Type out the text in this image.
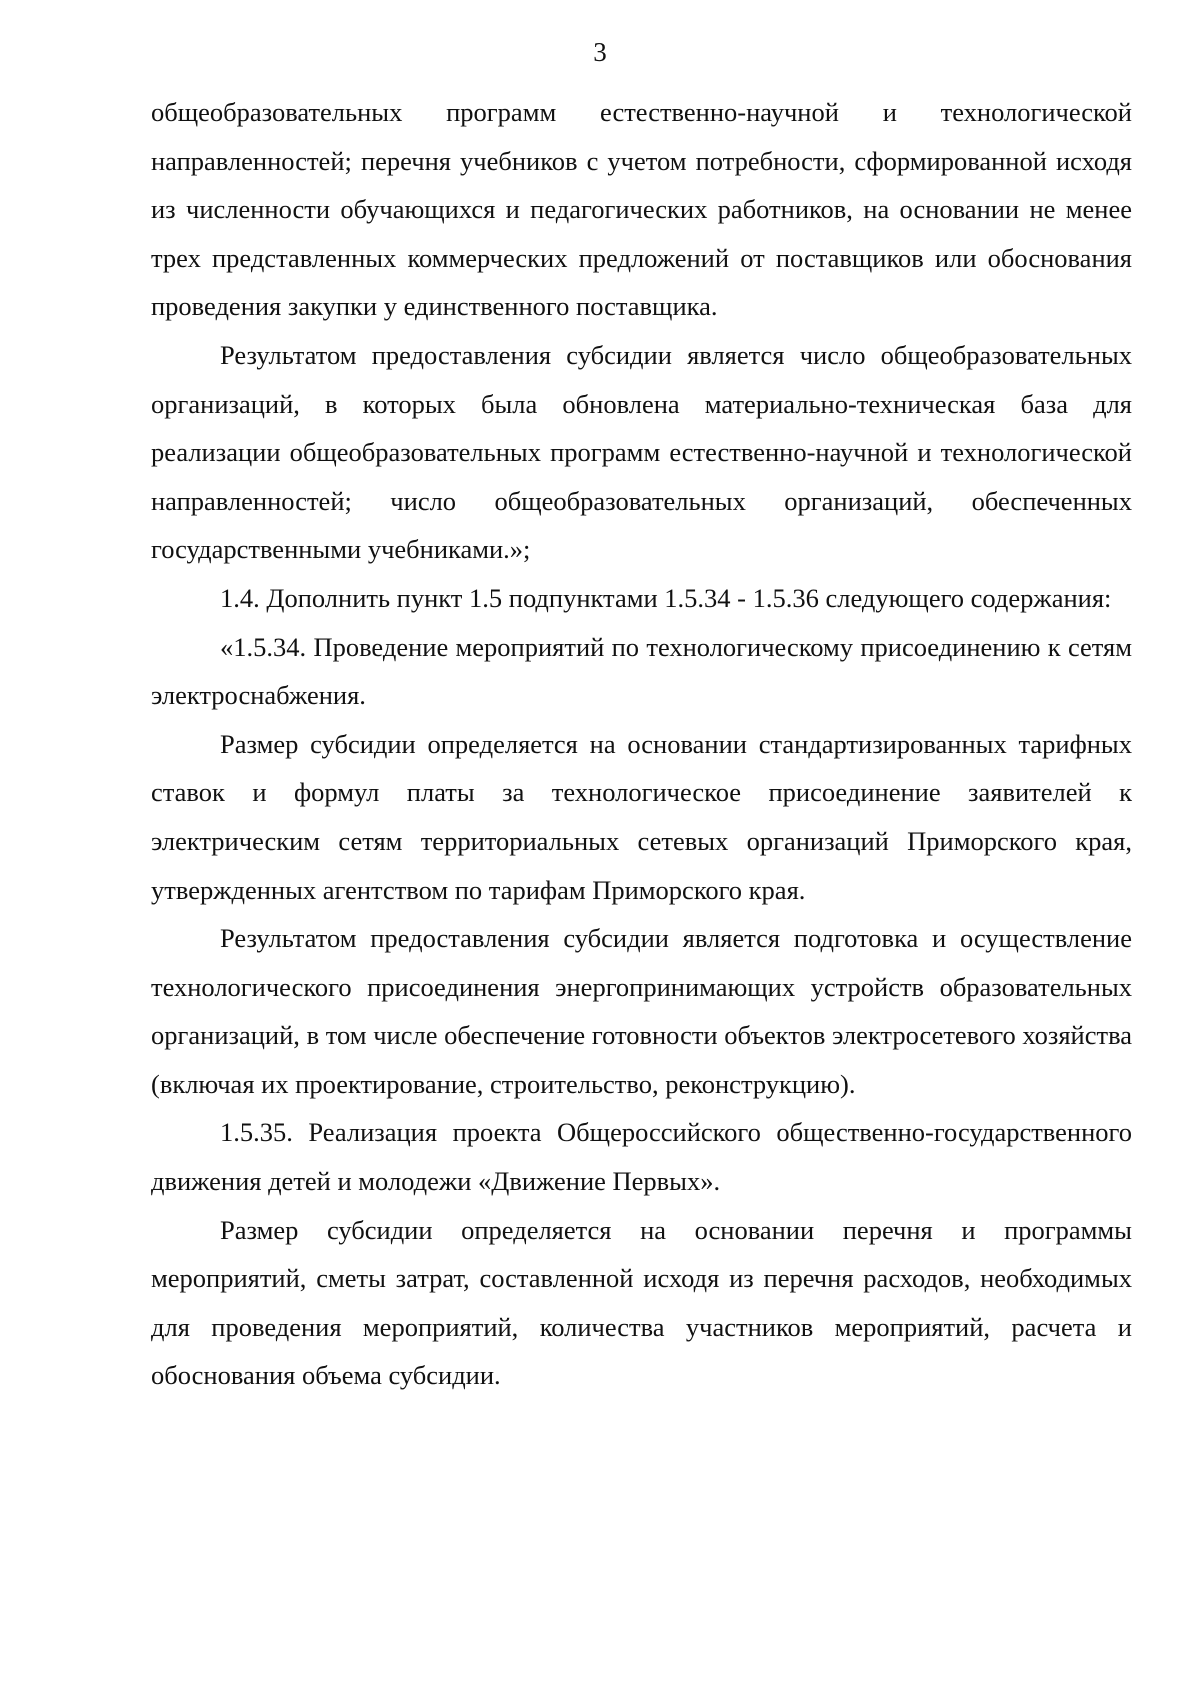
3

общеобразовательных программ естественно-научной и технологической направленностей; перечня учебников с учетом потребности, сформированной исходя из численности обучающихся и педагогических работников, на основании не менее трех представленных коммерческих предложений от поставщиков или обоснования проведения закупки у единственного поставщика.

Результатом предоставления субсидии является число общеобразовательных организаций, в которых была обновлена материально-техническая база для реализации общеобразовательных программ естественно-научной и технологической направленностей; число общеобразовательных организаций, обеспеченных государственными учебниками.»;

1.4. Дополнить пункт 1.5 подпунктами 1.5.34 - 1.5.36 следующего содержания:

«1.5.34. Проведение мероприятий по технологическому присоединению к сетям электроснабжения.

Размер субсидии определяется на основании стандартизированных тарифных ставок и формул платы за технологическое присоединение заявителей к электрическим сетям территориальных сетевых организаций Приморского края, утвержденных агентством по тарифам Приморского края.

Результатом предоставления субсидии является подготовка и осуществление технологического присоединения энергопринимающих устройств образовательных организаций, в том числе обеспечение готовности объектов электросетевого хозяйства (включая их проектирование, строительство, реконструкцию).

1.5.35. Реализация проекта Общероссийского общественно-государственного движения детей и молодежи «Движение Первых».

Размер субсидии определяется на основании перечня и программы мероприятий, сметы затрат, составленной исходя из перечня расходов, необходимых для проведения мероприятий, количества участников мероприятий, расчета и обоснования объема субсидии.
